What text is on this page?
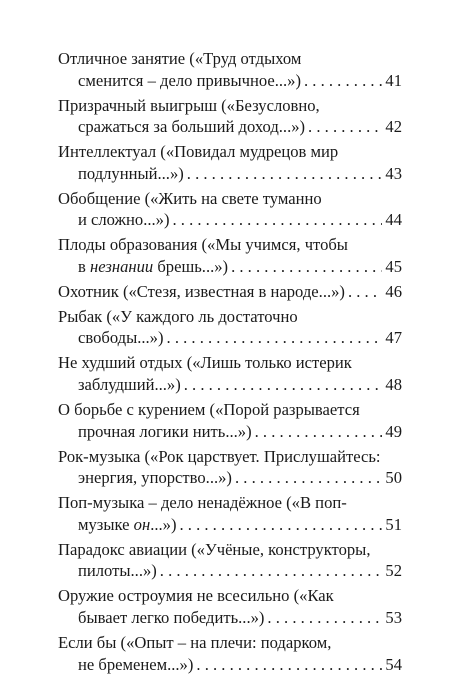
Отличное занятие («Труд отдыхом
сменится – дело привычное...») . . .	41
Призрачный выигрыш («Безусловно,
сражаться за больший доход...») . . .	42
Интеллектуал («Повидал мудрецов мир
подлунный...») . . .	43
Обобщение («Жить на свете туманно
и сложно...») . . .	44
Плоды образования («Мы учимся, чтобы
в незнании брешь...») . . .	45
Охотник («Стезя, известная в народе...») . . . 46
Рыбак («У каждого ль достаточно
свободы...») . . .	47
Не худший отдых («Лишь только истерик
заблудший...») . . .	48
О борьбе с курением («Порой разрывается
прочная логики нить...») . . .	49
Рок-музыка («Рок царствует. Прислушайтесь:
энергия, упорство...») . . .	50
Поп-музыка – дело ненадёжное («В поп-
музыке он...») . . .	51
Парадокс авиации («Учёные, конструкторы,
пилоты...») . . .	52
Оружие остроумия не всесильно («Как
бывает легко победить...») . . .	53
Если бы («Опыт – на плечи: подарком,
не бременем...») . . .	54
